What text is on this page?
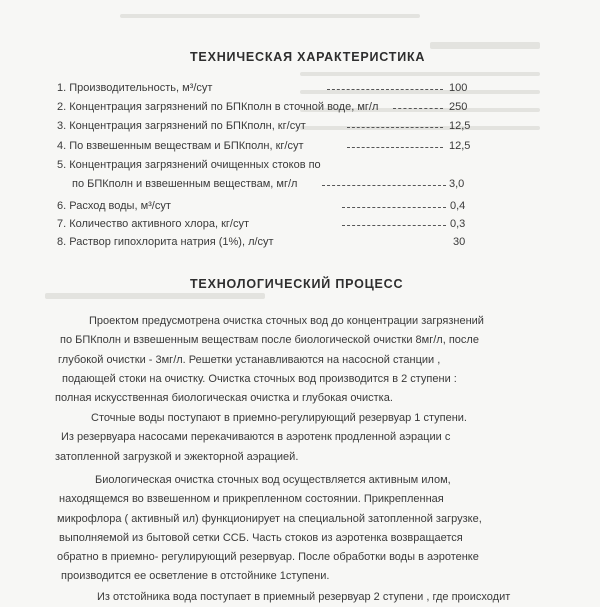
ТЕХНИЧЕСКАЯ ХАРАКТЕРИСТИКА
1. Производительность, м³/сут	100
2. Концентрация загрязнений по БПКполн в сточной воде, мг/л	250
3. Концентрация загрязнений по БПКполн, кг/сут	12,5
4. По взвешенным веществам и БПКполн, кг/сут	12,5
5. Концентрация загрязнений очищенных стоков по
по БПКполн и взвешенным веществам, мг/л	3,0
6. Расход воды, м³/сут	0,4
7. Количество активного хлора, кг/сут	0,3
8. Раствор гипохлорита натрия (1%), л/сут	30
ТЕХНОЛОГИЧЕСКИЙ ПРОЦЕСС
Проектом предусмотрена очистка сточных вод до концентрации загрязнений
по БПКполн и взвешенным веществам после биологической очистки 8мг/л, после
глубокой очистки - 3мг/л. Решетки устанавливаются на насосной станции ,
подающей стоки на очистку. Очистка сточных вод производится в 2 ступени :
полная искусственная биологическая очистка и глубокая очистка.
Сточные воды поступают в приемно-регулирующий резервуар 1 ступени.
Из резервуара насосами перекачиваются в аэротенк продленной аэрации с
затопленной загрузкой и эжекторной аэрацией.
Биологическая очистка сточных вод осуществляется активным илом,
находящемся во взвешенном и прикрепленном состоянии. Прикрепленная
микрофлора ( активный ил) функционирует на специальной затопленной загрузке,
выполняемой из бытовой сетки ССБ. Часть стоков из аэротенка возвращается
обратно в приемно- регулирующий резервуар. После обработки воды в аэротенке
производится ее осветление в отстойнике 1ступени.
Из отстойника вода поступает в приемный резервуар 2 ступени , где происходит
